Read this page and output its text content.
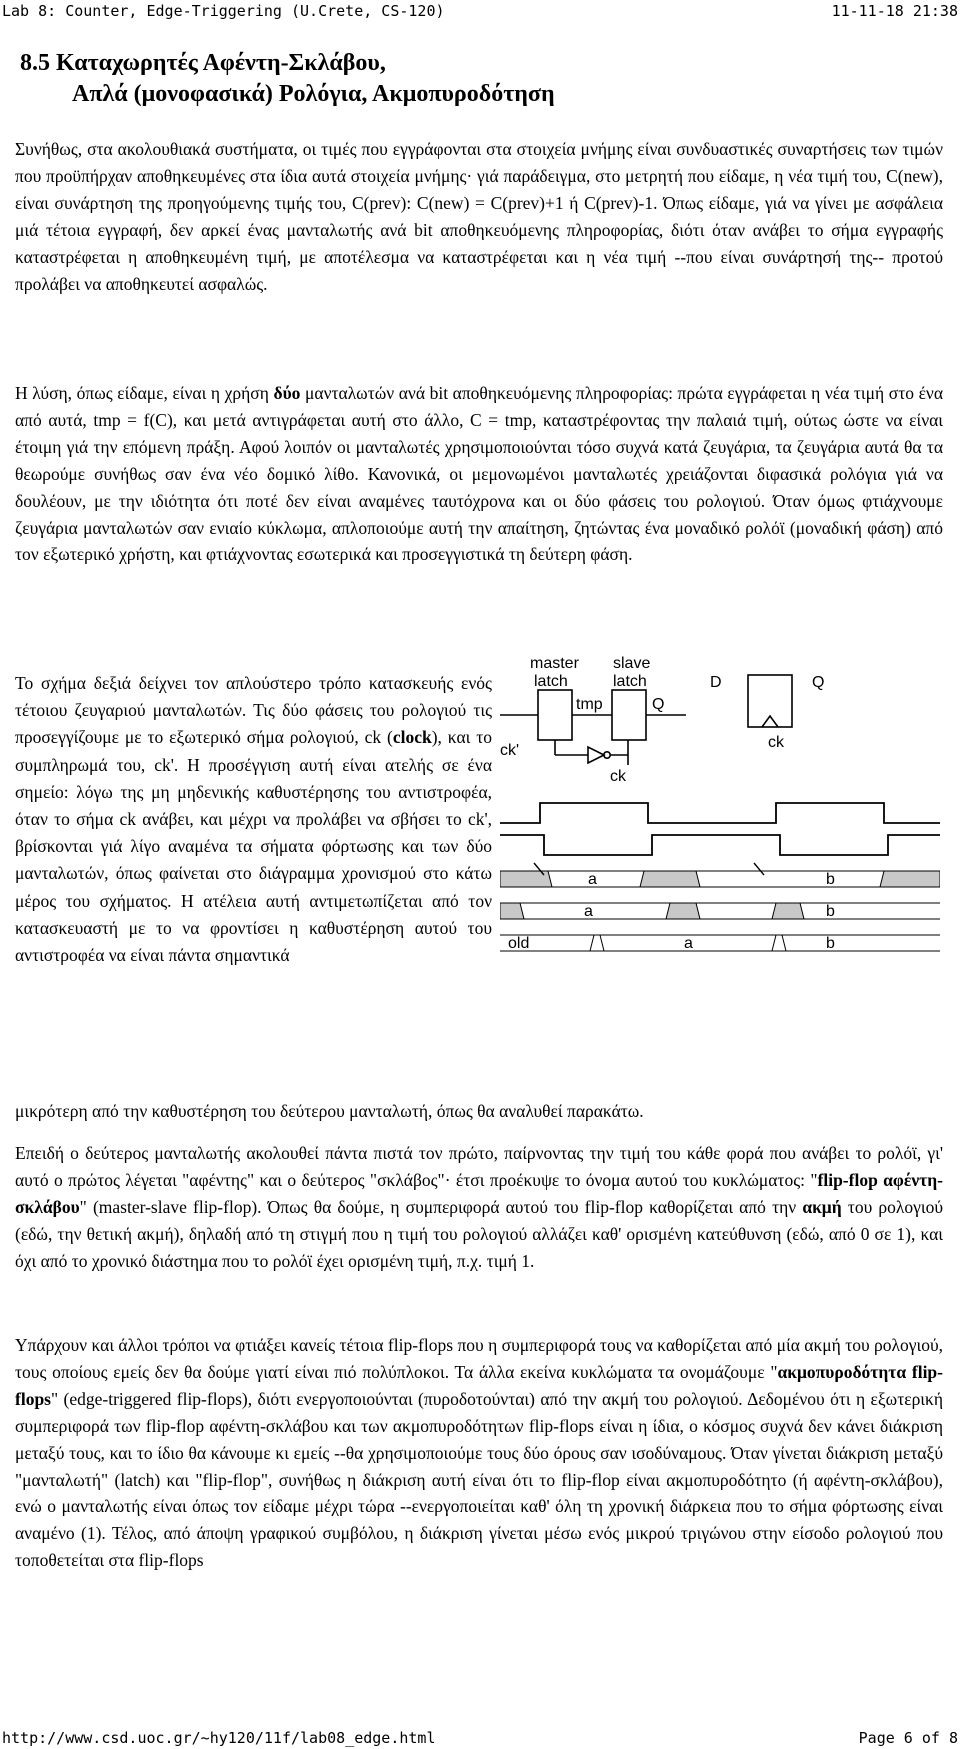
Lab 8: Counter, Edge-Triggering (U.Crete, CS-120)	11-11-18 21:38
8.5 Καταχωρητές Αφέντη-Σκλάβου,
Απλά (μονοφασικά) Ρολόγια, Ακμοπυροδότηση

Συνήθως, στα ακολουθιακά συστήματα, οι τιμές που εγγράφονται στα στοιχεία μνήμης είναι συνδυαστικές συναρτήσεις των τιμών που προϋπήρχαν αποθηκευμένες στα ίδια αυτά στοιχεία μνήμης· γιά παράδειγμα, στο μετρητή που είδαμε, η νέα τιμή του, C(new), είναι συνάρτηση της προηγούμενης τιμής του, C(prev): C(new) = C(prev)+1 ή C(prev)-1. Όπως είδαμε, γιά να γίνει με ασφάλεια μιά τέτοια εγγραφή, δεν αρκεί ένας μανταλωτής ανά bit αποθηκευόμενης πληροφορίας, διότι όταν ανάβει το σήμα εγγραφής καταστρέφεται η αποθηκευμένη τιμή, με αποτέλεσμα να καταστρέφεται και η νέα τιμή --που είναι συνάρτησή της-- προτού προλάβει να αποθηκευτεί ασφαλώς.

Η λύση, όπως είδαμε, είναι η χρήση δύο μανταλωτών ανά bit αποθηκευόμενης πληροφορίας: πρώτα εγγράφεται η νέα τιμή στο ένα από αυτά, tmp = f(C), και μετά αντιγράφεται αυτή στο άλλο, C = tmp, καταστρέφοντας την παλαιά τιμή, ούτως ώστε να είναι έτοιμη γιά την επόμενη πράξη. Αφού λοιπόν οι μανταλωτές χρησιμοποιούνται τόσο συχνά κατά ζευγάρια, τα ζευγάρια αυτά θα τα θεωρούμε συνήθως σαν ένα νέο δομικό λίθο. Κανονικά, οι μεμονωμένοι μανταλωτές χρειάζονται διφασικά ρολόγια γιά να δουλέουν, με την ιδιότητα ότι ποτέ δεν είναι αναμένες ταυτόχρονα και οι δύο φάσεις του ρολογιού. Όταν όμως φτιάχνουμε ζευγάρια μανταλωτών σαν ενιαίο κύκλωμα, απλοποιούμε αυτή την απαίτηση, ζητώντας ένα μοναδικό ρολόϊ (μοναδική φάση) από τον εξωτερικό χρήστη, και φτιάχνοντας εσωτερικά και προσεγγιστικά τη δεύτερη φάση.

Το σχήμα δεξιά δείχνει τον απλούστερο τρόπο κατασκευής ενός τέτοιου ζευγαριού μανταλωτών. Τις δύο φάσεις του ρολογιού τις προσεγγίζουμε με το εξωτερικό σήμα ρολογιού, ck (clock), και το συμπληρωμά του, ck'. Η προσέγγιση αυτή είναι ατελής σε ένα σημείο: λόγω της μη μηδενικής καθυστέρησης του αντιστροφέα, όταν το σήμα ck ανάβει, και μέχρι να προλάβει να σβήσει το ck', βρίσκονται γιά λίγο αναμένα τα σήματα φόρτωσης και των δύο μανταλωτών, όπως φαίνεται στο διάγραμμα χρονισμού στο κάτω μέρος του σχήματος. Η ατέλεια αυτή αντιμετωπίζεται από τον κατασκευαστή με το να φροντίσει η καθυστέρηση αυτού του αντιστροφέα να είναι πάντα σημαντικά

master
latch
slave
latch
tmp	Q
ck'
ck
D	Q
ck
a	b
a	b
old	a	b

μικρότερη από την καθυστέρηση του δεύτερου μανταλωτή, όπως θα αναλυθεί παρακάτω.

Επειδή ο δεύτερος μανταλωτής ακολουθεί πάντα πιστά τον πρώτο, παίρνοντας την τιμή του κάθε φορά που ανάβει το ρολόϊ, γι' αυτό ο πρώτος λέγεται "αφέντης" και ο δεύτερος "σκλάβος"· έτσι προέκυψε το όνομα αυτού του κυκλώματος: "flip-flop αφέντη-σκλάβου" (master-slave flip-flop). Όπως θα δούμε, η συμπεριφορά αυτού του flip-flop καθορίζεται από την ακμή του ρολογιού (εδώ, την θετική ακμή), δηλαδή από τη στιγμή που η τιμή του ρολογιού αλλάζει καθ' ορισμένη κατεύθυνση (εδώ, από 0 σε 1), και όχι από το χρονικό διάστημα που το ρολόϊ έχει ορισμένη τιμή, π.χ. τιμή 1.

Υπάρχουν και άλλοι τρόποι να φτιάξει κανείς τέτοια flip-flops που η συμπεριφορά τους να καθορίζεται από μία ακμή του ρολογιού, τους οποίους εμείς δεν θα δούμε γιατί είναι πιό πολύπλοκοι. Τα άλλα εκείνα κυκλώματα τα ονομάζουμε "ακμοπυροδότητα flip-flops" (edge-triggered flip-flops), διότι ενεργοποιούνται (πυροδοτούνται) από την ακμή του ρολογιού. Δεδομένου ότι η εξωτερική συμπεριφορά των flip-flop αφέντη-σκλάβου και των ακμοπυροδότητων flip-flops είναι η ίδια, ο κόσμος συχνά δεν κάνει διάκριση μεταξύ τους, και το ίδιο θα κάνουμε κι εμείς --θα χρησιμοποιούμε τους δύο όρους σαν ισοδύναμους. Όταν γίνεται διάκριση μεταξύ "μανταλωτή" (latch) και "flip-flop", συνήθως η διάκριση αυτή είναι ότι το flip-flop είναι ακμοπυροδότητο (ή αφέντη-σκλάβου), ενώ ο μανταλωτής είναι όπως τον είδαμε μέχρι τώρα --ενεργοποιείται καθ' όλη τη χρονική διάρκεια που το σήμα φόρτωσης είναι αναμένο (1). Τέλος, από άποψη γραφικού συμβόλου, η διάκριση γίνεται μέσω ενός μικρού τριγώνου στην είσοδο ρολογιού που τοποθετείται στα flip-flops

http://www.csd.uoc.gr/~hy120/11f/lab08_edge.html	Page 6 of 8
